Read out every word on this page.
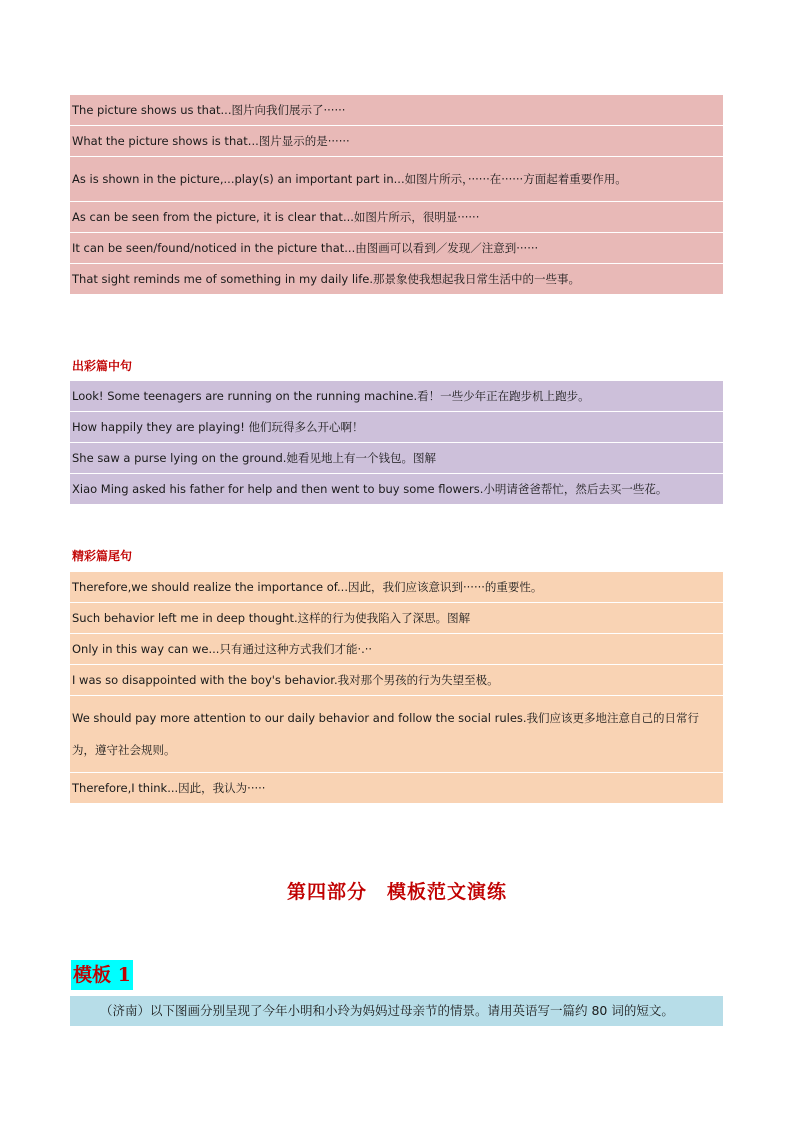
The picture shows us that...图片向我们展示了······
What the picture shows is that...图片显示的是······
As is shown in the picture,...play(s) an important part in...如图片所示，······在······方面起着重要作用。
As can be seen from the picture, it is clear that...如图片所示，很明显······
It can be seen/found/noticed in the picture that...由图画可以看到／发现／注意到······
That sight reminds me of something in my daily life.那景象使我想起我日常生活中的一些事。
出彩篇中句
Look! Some teenagers are running on the running machine.看！一些少年正在跑步机上跑步。
How happily they are playing! 他们玩得多么开心啊！
She saw a purse lying on the ground.她看见地上有一个钱包。图解
Xiao Ming asked his father for help and then went to buy some flowers.小明请爸爸帮忙，然后去买一些花。
精彩篇尾句
Therefore,we should realize the importance of...因此，我们应该意识到······的重要性。
Such behavior left me in deep thought.这样的行为使我陷入了深思。图解
Only in this way can we...只有通过这种方式我们才能·.··
I was so disappointed with the boy's behavior.我对那个男孩的行为失望至极。
We should pay more attention to our daily behavior and follow the social rules.我们应该更多地注意自己的日常行为，遵守社会规则。
Therefore,I think...因此，我认为·····
第四部分　模板范文演练
模板 1
（济南）以下图画分别呈现了今年小明和小玲为妈妈过母亲节的情景。请用英语写一篇约 80 词的短文。
